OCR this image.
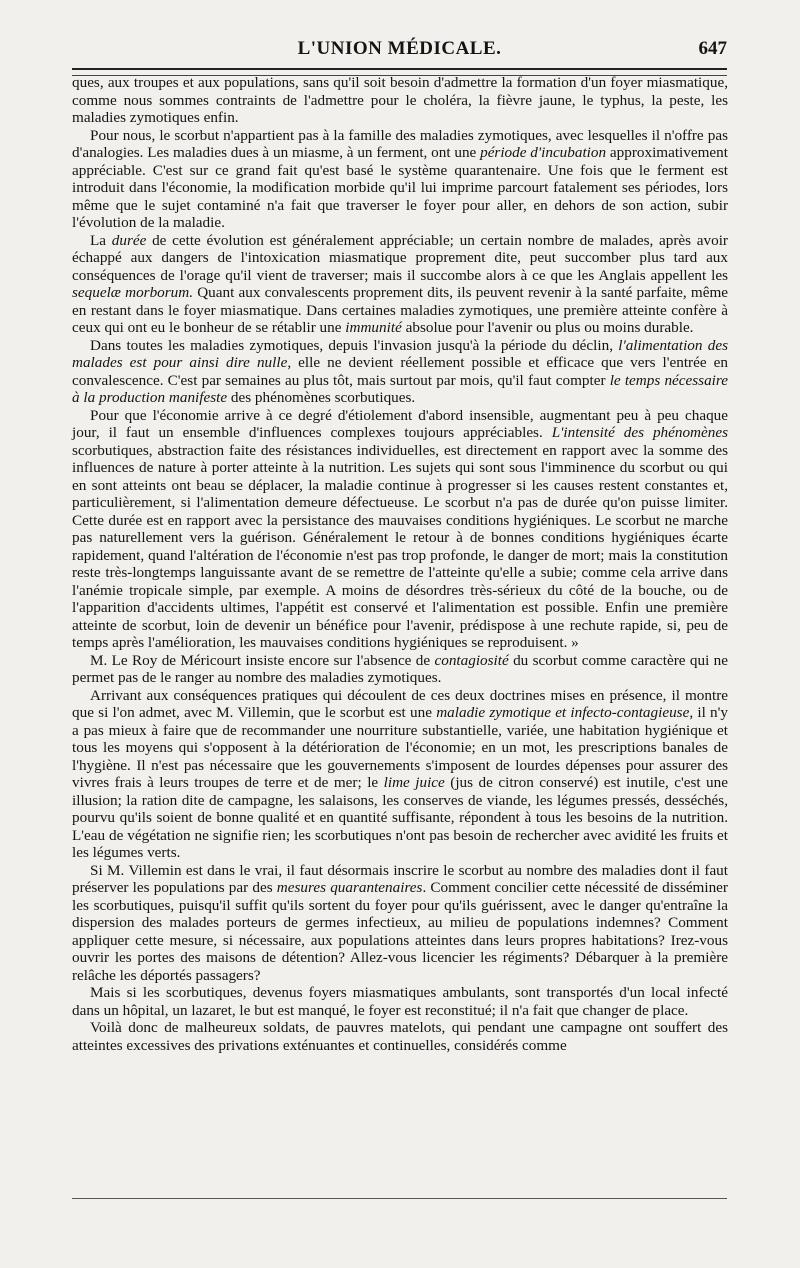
L'UNION MÉDICALE.	647

ques, aux troupes et aux populations, sans qu'il soit besoin d'admettre la formation d'un foyer miasmatique, comme nous sommes contraints de l'admettre pour le choléra, la fièvre jaune, le typhus, la peste, les maladies zymotiques enfin.

Pour nous, le scorbut n'appartient pas à la famille des maladies zymotiques, avec lesquelles il n'offre pas d'analogies. Les maladies dues à un miasme, à un ferment, ont une période d'incubation approximativement appréciable. C'est sur ce grand fait qu'est basé le système quarantenaire. Une fois que le ferment est introduit dans l'économie, la modification morbide qu'il lui imprime parcourt fatalement ses périodes, lors même que le sujet contaminé n'a fait que traverser le foyer pour aller, en dehors de son action, subir l'évolution de la maladie.

La durée de cette évolution est généralement appréciable; un certain nombre de malades, après avoir échappé aux dangers de l'intoxication miasmatique proprement dite, peut succomber plus tard aux conséquences de l'orage qu'il vient de traverser; mais il succombe alors à ce que les Anglais appellent les sequelæ morborum. Quant aux convalescents proprement dits, ils peuvent revenir à la santé parfaite, même en restant dans le foyer miasmatique. Dans certaines maladies zymotiques, une première atteinte confère à ceux qui ont eu le bonheur de se rétablir une immunité absolue pour l'avenir ou plus ou moins durable.

Dans toutes les maladies zymotiques, depuis l'invasion jusqu'à la période du déclin, l'alimentation des malades est pour ainsi dire nulle, elle ne devient réellement possible et efficace que vers l'entrée en convalescence. C'est par semaines au plus tôt, mais surtout par mois, qu'il faut compter le temps nécessaire à la production manifeste des phénomènes scorbutiques.

Pour que l'économie arrive à ce degré d'étiolement d'abord insensible, augmentant peu à peu chaque jour, il faut un ensemble d'influences complexes toujours appréciables. L'intensité des phénomènes scorbutiques, abstraction faite des résistances individuelles, est directement en rapport avec la somme des influences de nature à porter atteinte à la nutrition. Les sujets qui sont sous l'imminence du scorbut ou qui en sont atteints ont beau se déplacer, la maladie continue à progresser si les causes restent constantes et, particulièrement, si l'alimentation demeure défectueuse. Le scorbut n'a pas de durée qu'on puisse limiter. Cette durée est en rapport avec la persistance des mauvaises conditions hygiéniques. Le scorbut ne marche pas naturellement vers la guérison. Généralement le retour à de bonnes conditions hygiéniques écarte rapidement, quand l'altération de l'économie n'est pas trop profonde, le danger de mort; mais la constitution reste très-longtemps languissante avant de se remettre de l'atteinte qu'elle a subie; comme cela arrive dans l'anémie tropicale simple, par exemple. A moins de désordres très-sérieux du côté de la bouche, ou de l'apparition d'accidents ultimes, l'appétit est conservé et l'alimentation est possible. Enfin une première atteinte de scorbut, loin de devenir un bénéfice pour l'avenir, prédispose à une rechute rapide, si, peu de temps après l'amélioration, les mauvaises conditions hygiéniques se reproduisent. »

M. Le Roy de Méricourt insiste encore sur l'absence de contagiosité du scorbut comme caractère qui ne permet pas de le ranger au nombre des maladies zymotiques.

Arrivant aux conséquences pratiques qui découlent de ces deux doctrines mises en présence, il montre que si l'on admet, avec M. Villemin, que le scorbut est une maladie zymotique et infecto-contagieuse, il n'y a pas mieux à faire que de recommander une nourriture substantielle, variée, une habitation hygiénique et tous les moyens qui s'opposent à la détérioration de l'économie; en un mot, les prescriptions banales de l'hygiène. Il n'est pas nécessaire que les gouvernements s'imposent de lourdes dépenses pour assurer des vivres frais à leurs troupes de terre et de mer; le lime juice (jus de citron conservé) est inutile, c'est une illusion; la ration dite de campagne, les salaisons, les conserves de viande, les légumes pressés, desséchés, pourvu qu'ils soient de bonne qualité et en quantité suffisante, répondent à tous les besoins de la nutrition. L'eau de végétation ne signifie rien; les scorbutiques n'ont pas besoin de rechercher avec avidité les fruits et les légumes verts.

Si M. Villemin est dans le vrai, il faut désormais inscrire le scorbut au nombre des maladies dont il faut préserver les populations par des mesures quarantenaires. Comment concilier cette nécessité de disséminer les scorbutiques, puisqu'il suffit qu'ils sortent du foyer pour qu'ils guérissent, avec le danger qu'entraîne la dispersion des malades porteurs de germes infectieux, au milieu de populations indemnes? Comment appliquer cette mesure, si nécessaire, aux populations atteintes dans leurs propres habitations? Irez-vous ouvrir les portes des maisons de détention? Allez-vous licencier les régiments? Débarquer à la première relâche les déportés passagers?

Mais si les scorbutiques, devenus foyers miasmatiques ambulants, sont transportés d'un local infecté dans un hôpital, un lazaret, le but est manqué, le foyer est reconstitué; il n'a fait que changer de place.

Voilà donc de malheureux soldats, de pauvres matelots, qui pendant une campagne ont souffert des atteintes excessives des privations exténuantes et continuelles, considérés comme
